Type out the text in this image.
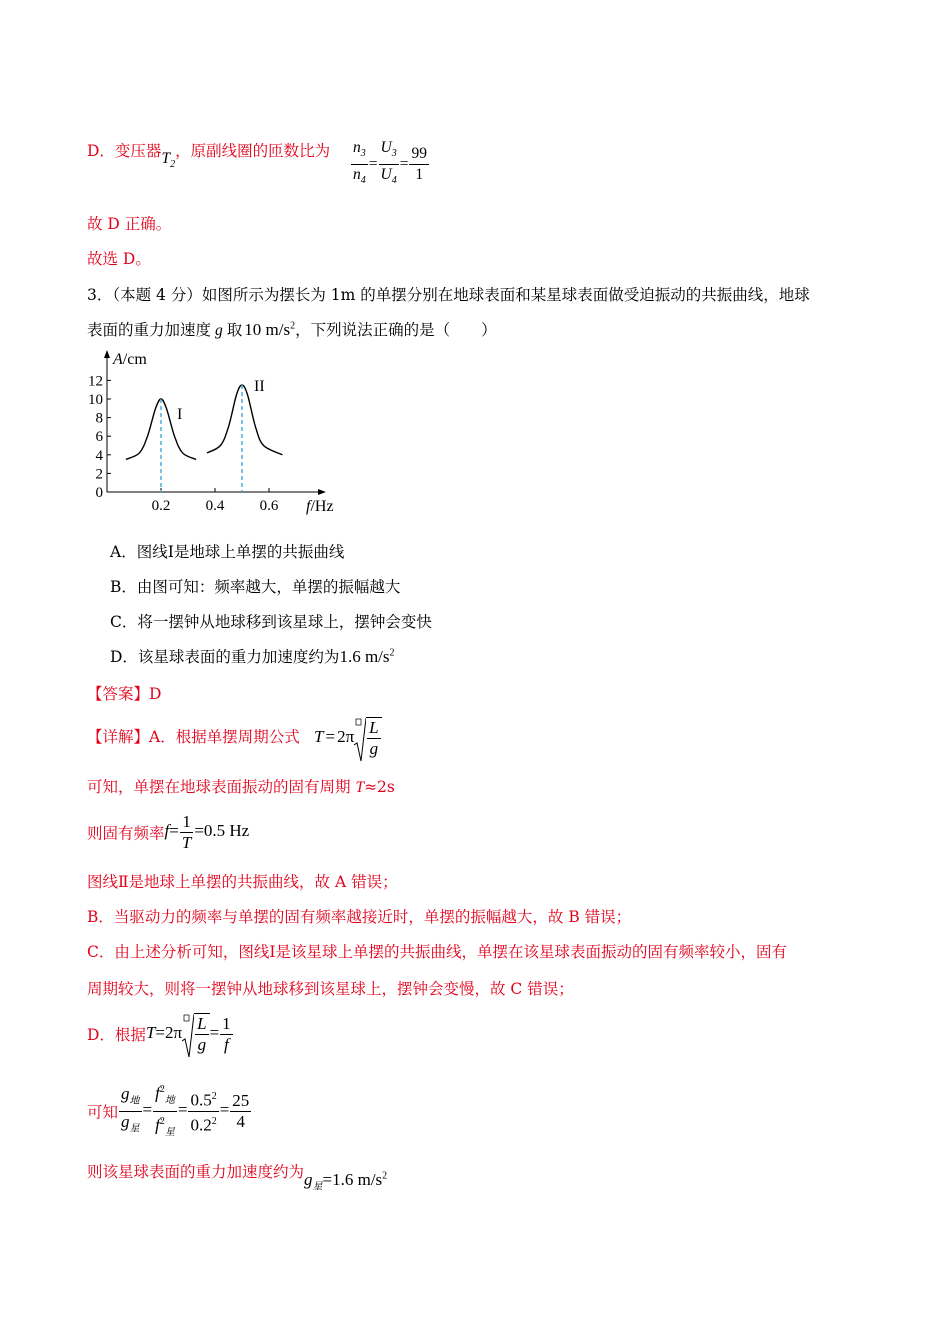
D．变压器$T_2$，原副线圈的匝数比为 $\frac{n_3}{n_4} = \frac{U_3}{U_4} = \frac{99}{1}$
故 D 正确。
故选 D。
3．（本题 4 分）如图所示为摆长为 1m 的单摆分别在地球表面和某星球表面做受迫振动的共振曲线，地球
表面的重力加速度 g 取 10 $m/s^2$，下列说法正确的是（　　）
0
2
4
6
8
10
12
0.2 0.4 0.6
A/cm
f/Hz
I
II
A．图线Ⅰ是地球上单摆的共振曲线
B．由图可知：频率越大，单摆的振幅越大
C．将一摆钟从地球移到该星球上，摆钟会变快
D．该星球表面的重力加速度约为1.6 $m/s^2$
【答案】D
【详解】A．根据单摆周期公式 $T = 2\pi \frac{L}{g}$
可知，单摆在地球表面振动的固有周期 T≈2s
则固有频率$f= \frac{1}{T} =0.5$ Hz
图线Ⅱ是地球上单摆的共振曲线，故 A 错误；
B．当驱动力的频率与单摆的固有频率越接近时，单摆的振幅越大，故 B 错误；
C．由上述分析可知，图线Ⅰ是该星球上单摆的共振曲线，单摆在该星球表面振动的固有频率较小，固有
周期较大，则将一摆钟从地球移到该星球上，摆钟会变慢，故 C 错误；
D．根据$T=2\pi \frac{L}{g} = \frac{1}{f}$
可知 $\frac{g_地}{g_星} = \frac{f^2_地}{f^2_星} = \frac{0.5^2}{0.2^2} = \frac{25}{4}$
则该星球表面的重力加速度约为$g_星=1.6$ $m/s^2$
